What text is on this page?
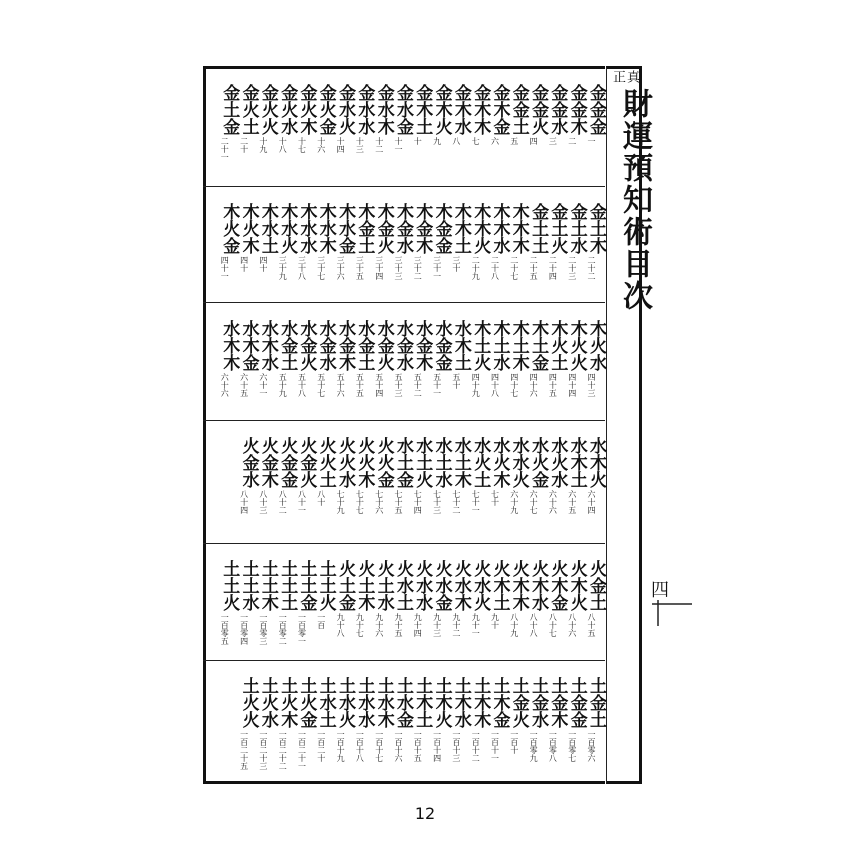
真
正
財運預知術目次
金金金
一
金金木
二
金金水
三
金金火
四
金金土
五
金木金
六
金木木
七
金木水
八
金木火
九
金木土
十
金水金
十一
金水木
十二
金水水
十三
金水火
十四
金火金
十六
金火木
十七
金火水
十八
金火火
十九
金火土
二十
金土金
二十一
金土木
二十二
金土水
二十三
金土火
二十四
金土土
二十五
木木木
二十七
木木水
二十八
木木火
二十九
木木土
三十
木金金
三十一
木金木
三十二
木金水
三十三
木金火
三十四
木金土
三十五
木水金
三十六
木水木
三十七
木水水
三十八
木水火
三十九
木水土
四十
木火木
四十
木火金
四十一
木火水
四十三
木火火
四十四
木火土
四十五
木土金
四十六
木土木
四十七
木土水
四十八
木土火
四十九
水木土
五十
水金金
五十一
水金木
五十二
水金水
五十三
水金火
五十四
水金土
五十五
水金木
五十六
水金水
五十七
水金火
五十八
水金土
五十九
水木水
六十一
水木金
六十五
水木木
六十六
水木火
六十四
水木土
六十五
水火水
六十六
水火金
六十七
水水火
六十九
水火木
七十
水火土
七十一
水土木
七十二
水土水
七十三
水土火
七十四
水土金
七十五
火火金
七十六
火火木
七十七
火火水
七十九
火火土
八十
火金火
八十一
火金金
八十二
火金木
八十三
火金水
八十四
火金土
八十五
火木火
八十六
火木金
八十七
火木水
八十八
火木木
八十九
火木土
九十
火水火
九十一
火水木
九十二
火水金
九十三
火水水
九十四
火水土
九十五
火土水
九十六
火土木
九十七
火土金
九十八
土土火
一百
土土金
一百零一
土土土
一百零二
土土木
一百零三
土土水
一百零四
土土火
一百零五
土金土
一百零六
土金金
一百零七
土金木
一百零八
土金水
一百零九
土金火
一百十
土木金
一百十一
土木木
一百十二
土木水
一百十三
土木火
一百十四
土木土
一百十五
土水金
一百十六
土水木
一百十七
土水水
一百十八
土水火
一百十九
土水土
一百二十
土火金
一百二十一
土火木
一百二十二
土火水
一百二十三
土火火
一百二十五
四
12
